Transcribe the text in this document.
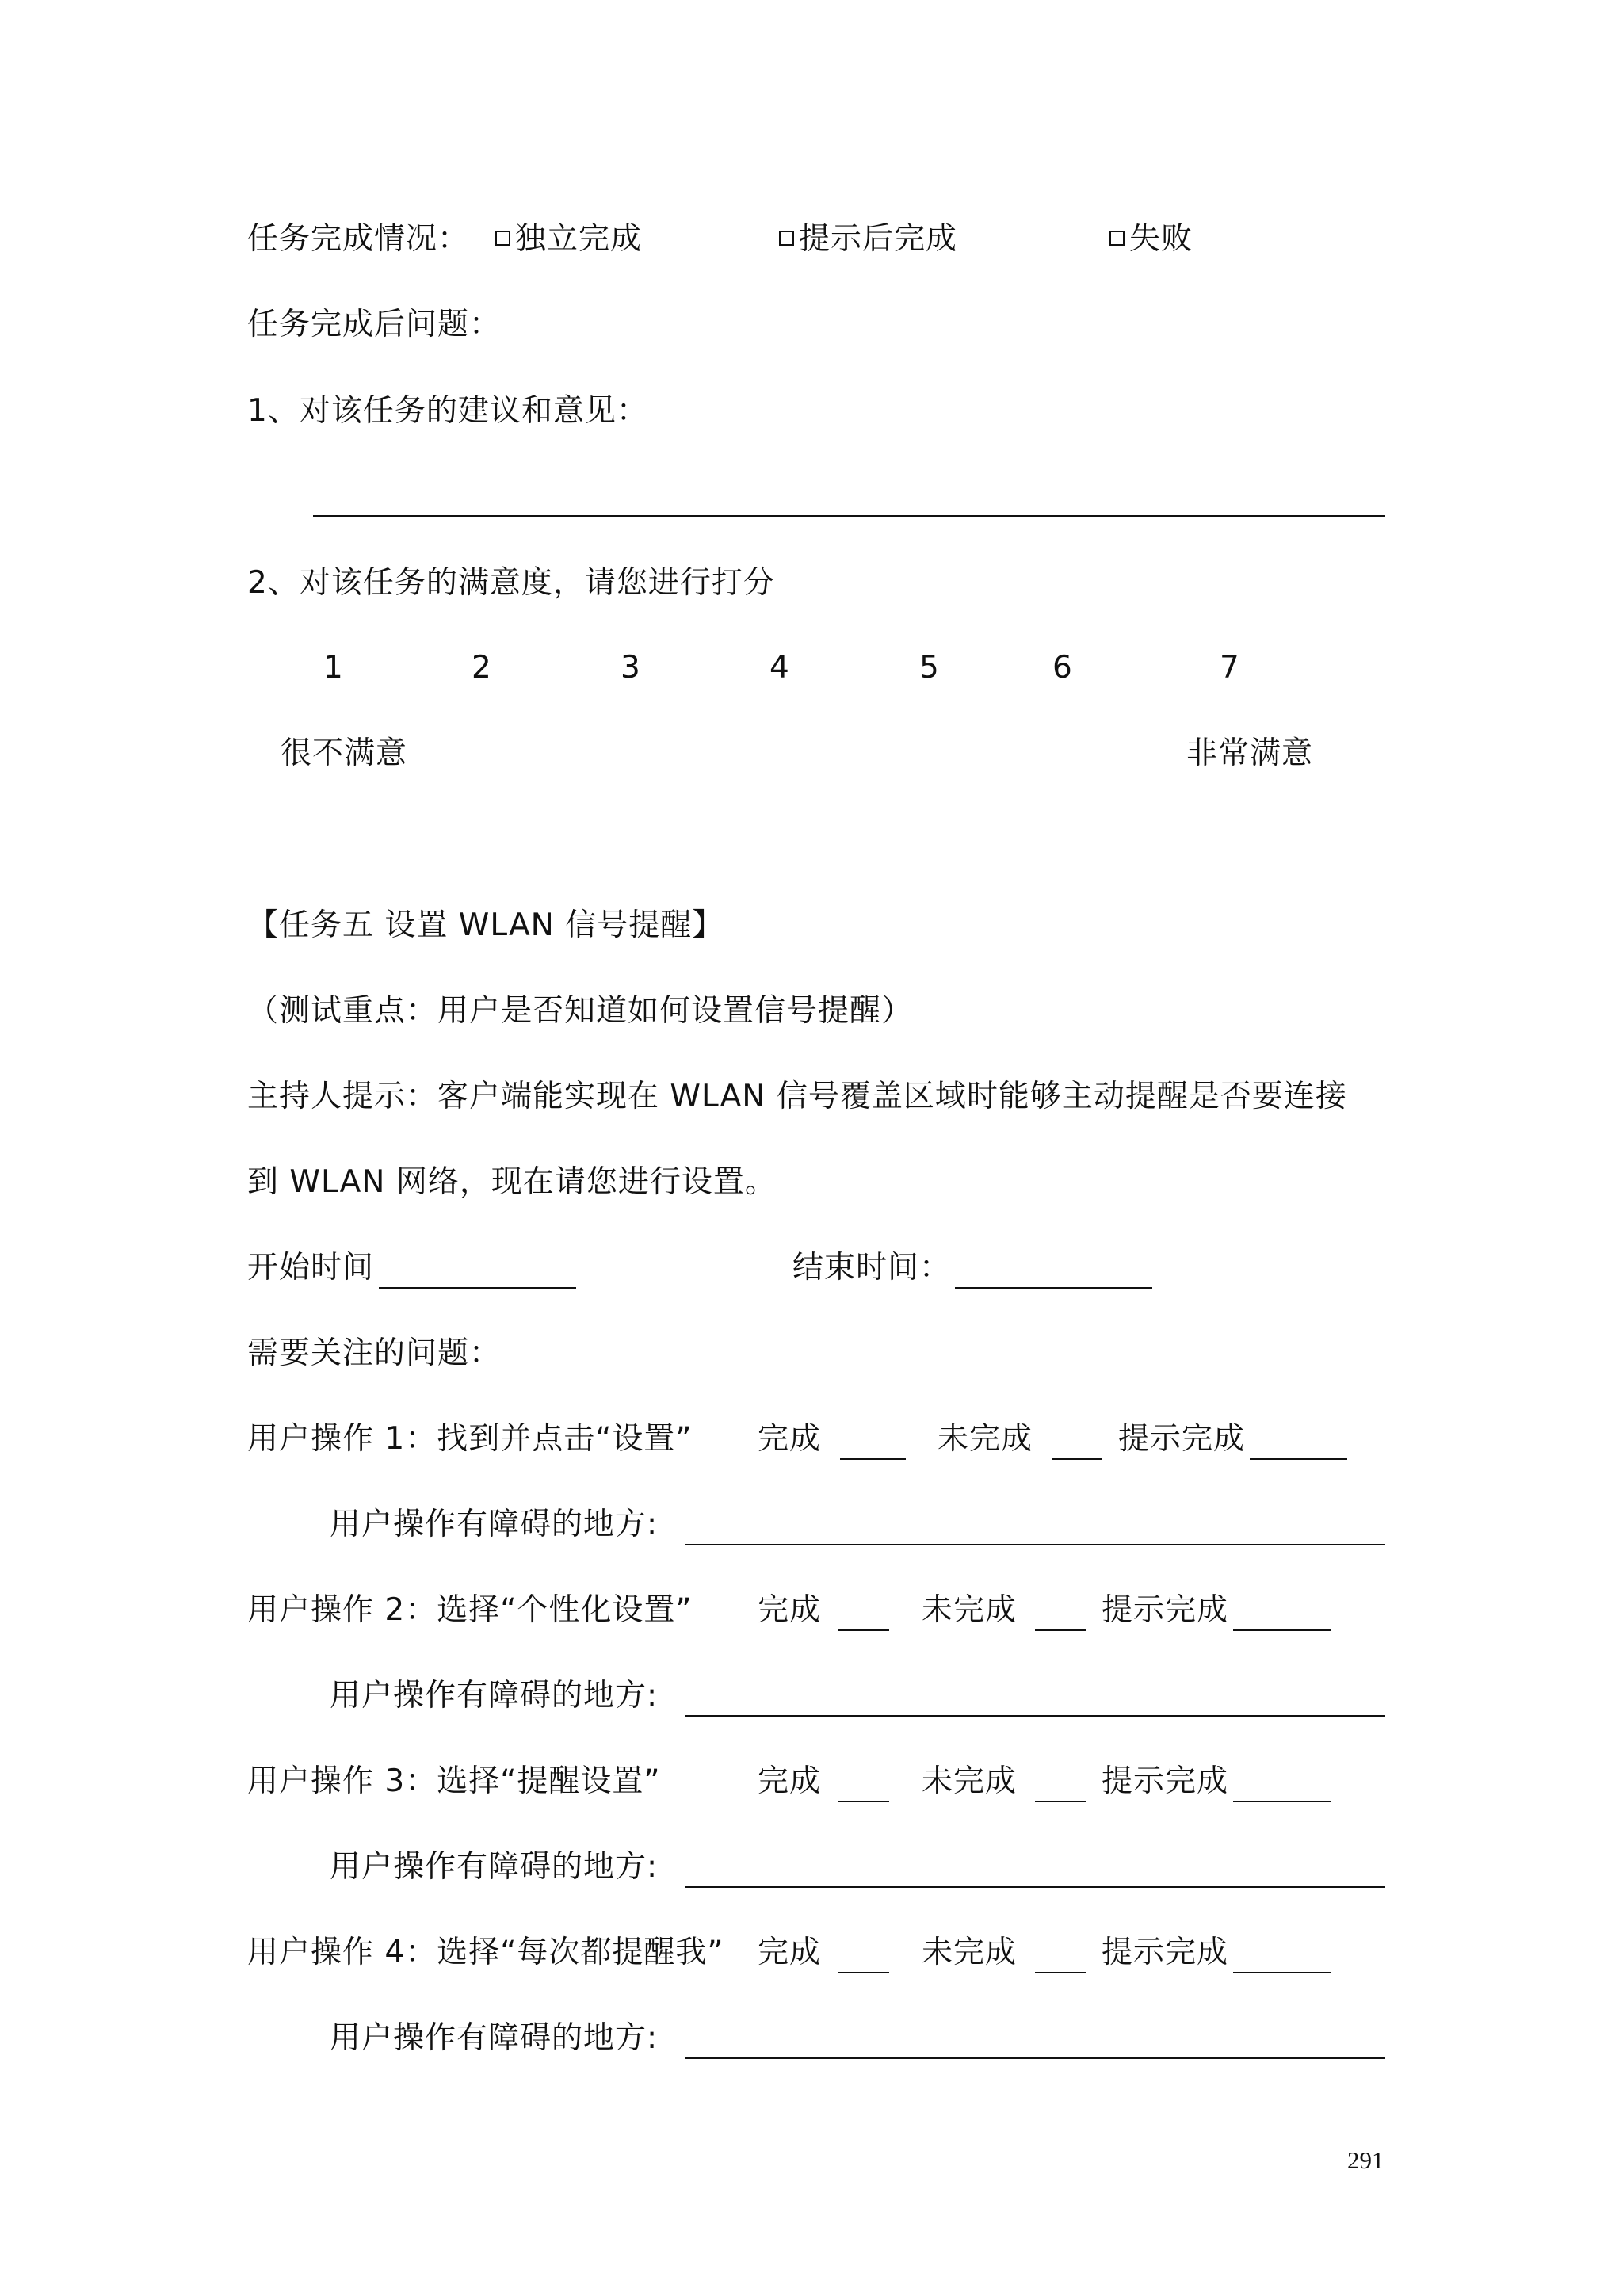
任务完成情况：	独立完成	提示后完成	失败
任务完成后问题：
1、对该任务的建议和意见：
2、对该任务的满意度，请您进行打分
1	2	3	4	5	6	7
很不满意	非常满意
【任务五 设置 WLAN 信号提醒】
（测试重点：用户是否知道如何设置信号提醒）
主持人提示：客户端能实现在 WLAN 信号覆盖区域时能够主动提醒是否要连接
到 WLAN 网络，现在请您进行设置。
开始时间	结束时间：
需要关注的问题：
用户操作 1：找到并点击“设置” 完成	未完成	提示完成
用户操作有障碍的地方:
用户操作 2：选择“个性化设置” 完成	未完成	提示完成
用户操作有障碍的地方:
用户操作 3：选择“提醒设置”	完成	未完成	提示完成
用户操作有障碍的地方:
用户操作 4：选择“每次都提醒我” 完成	未完成	提示完成
用户操作有障碍的地方:
291
